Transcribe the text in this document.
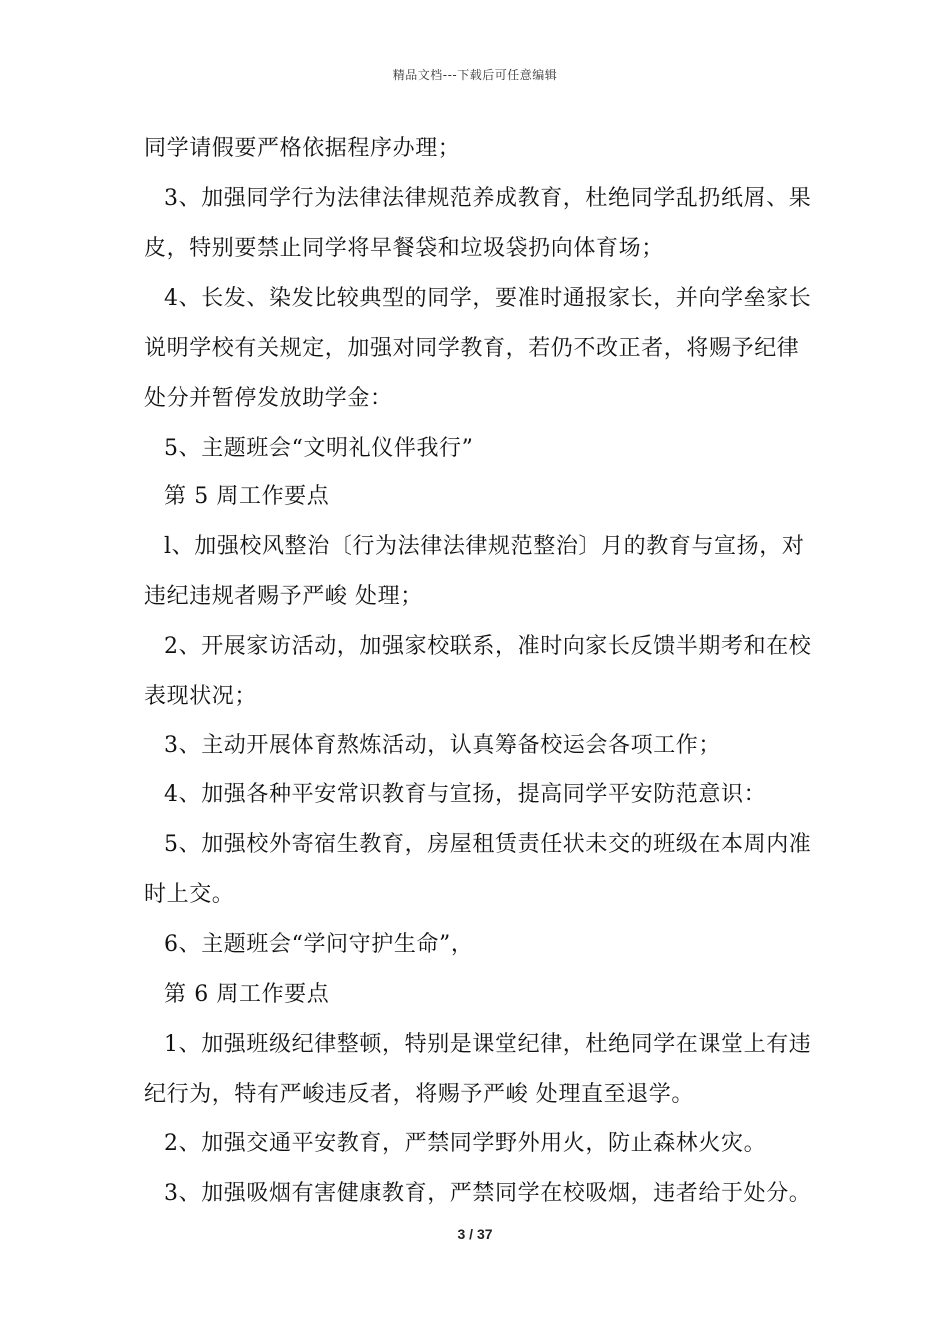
精品文档---下载后可任意编辑
同学请假要严格依据程序办理；
3、加强同学行为法律法律规范养成教育，杜绝同学乱扔纸屑、果
皮，特别要禁止同学将早餐袋和垃圾袋扔向体育场；
4、长发、染发比较典型的同学，要准时通报家长，并向学垒家长
说明学校有关规定，加强对同学教育，若仍不改正者，将赐予纪律
处分并暂停发放助学金：
5、主题班会“文明礼仪伴我行”
第 5 周工作要点
l、加强校风整治〔行为法律法律规范整治〕月的教育与宣扬，对
违纪违规者赐予严峻 处理；
2、开展家访活动，加强家校联系，准时向家长反馈半期考和在校
表现状况；
3、主动开展体育熬炼活动，认真筹备校运会各项工作；
4、加强各种平安常识教育与宣扬，提高同学平安防范意识：
5、加强校外寄宿生教育，房屋租赁责任状未交的班级在本周内准
时上交。
6、主题班会“学问守护生命”，
第 6 周工作要点
1、加强班级纪律整顿，特别是课堂纪律，杜绝同学在课堂上有违
纪行为，特有严峻违反者，将赐予严峻 处理直至退学。
2、加强交通平安教育，严禁同学野外用火，防止森林火灾。
3、加强吸烟有害健康教育，严禁同学在校吸烟，违者给于处分。
3 / 37
